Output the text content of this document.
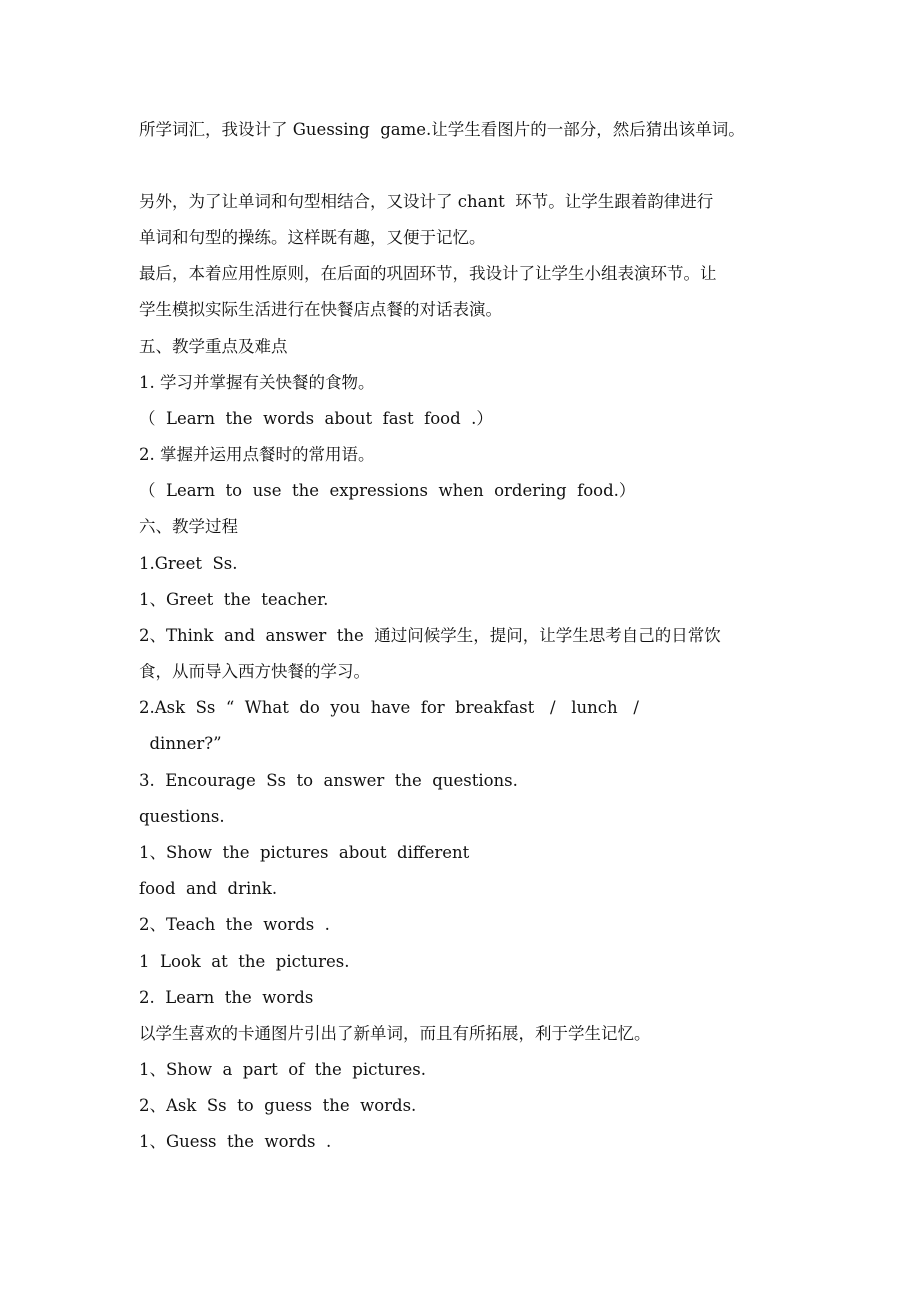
所学词汇，我设计了 Guessing  game.让学生看图片的一部分，然后猜出该单词。
另外，为了让单词和句型相结合，又设计了 chant  环节。让学生跟着韵律进行
单词和句型的操练。这样既有趣，又便于记忆。
最后，本着应用性原则，在后面的巩固环节，我设计了让学生小组表演环节。让
学生模拟实际生活进行在快餐店点餐的对话表演。
五、教学重点及难点
1. 学习并掌握有关快餐的食物。
（  Learn  the  words  about  fast  food  .）
2. 掌握并运用点餐时的常用语。
（  Learn  to  use  the  expressions  when  ordering  food.）
六、教学过程
1.Greet  Ss.
1、Greet  the  teacher.
2、Think  and  answer  the  通过问候学生，提问，让学生思考自己的日常饮
食，从而导入西方快餐的学习。
2.Ask  Ss  “  What  do  you  have  for  breakfast   /   lunch   /
dinner?”
3.  Encourage  Ss  to  answer  the  questions.
questions.
1、Show  the  pictures  about  different
food  and  drink.
2、Teach  the  words  .
1  Look  at  the  pictures.
2.  Learn  the  words
以学生喜欢的卡通图片引出了新单词，而且有所拓展，利于学生记忆。
1、Show  a  part  of  the  pictures.
2、Ask  Ss  to  guess  the  words.
1、Guess  the  words  .
